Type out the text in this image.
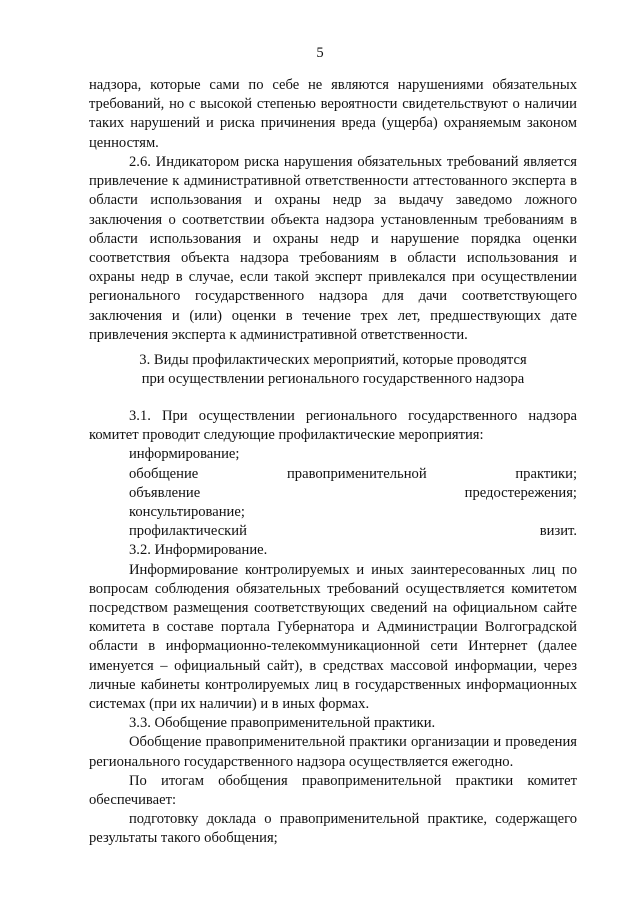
5

надзора, которые сами по себе не являются нарушениями обязательных требований, но с высокой степенью вероятности свидетельствуют о наличии таких нарушений и риска причинения вреда (ущерба) охраняемым законом ценностям.

2.6. Индикатором риска нарушения обязательных требований является привлечение к административной ответственности аттестованного эксперта в области использования и охраны недр за выдачу заведомо ложного заключения о соответствии объекта надзора установленным требованиям в области использования и охраны недр и нарушение порядка оценки соответствия объекта надзора требованиям в области использования и охраны недр в случае, если такой эксперт привлекался при осуществлении регионального государственного надзора для дачи соответствующего заключения и (или) оценки в течение трех лет, предшествующих дате привлечения эксперта к административной ответственности.

3. Виды профилактических мероприятий, которые проводятся

при осуществлении регионального государственного надзора

3.1. При осуществлении регионального государственного надзора комитет проводит следующие профилактические мероприятия:

информирование;

обобщение правоприменительной практики;

объявление предостережения;

консультирование;

профилактический визит.

3.2. Информирование.

Информирование контролируемых и иных заинтересованных лиц по вопросам соблюдения обязательных требований осуществляется комитетом посредством размещения соответствующих сведений на официальном сайте комитета в составе портала Губернатора и Администрации Волгоградской области в информационно-телекоммуникационной сети Интернет (далее именуется – официальный сайт), в средствах массовой информации, через личные кабинеты контролируемых лиц в государственных информационных системах (при их наличии) и в иных формах.

3.3. Обобщение правоприменительной практики.

Обобщение правоприменительной практики организации и проведения регионального государственного надзора осуществляется ежегодно.

По итогам обобщения правоприменительной практики комитет обеспечивает:

подготовку доклада о правоприменительной практике, содержащего результаты такого обобщения;
